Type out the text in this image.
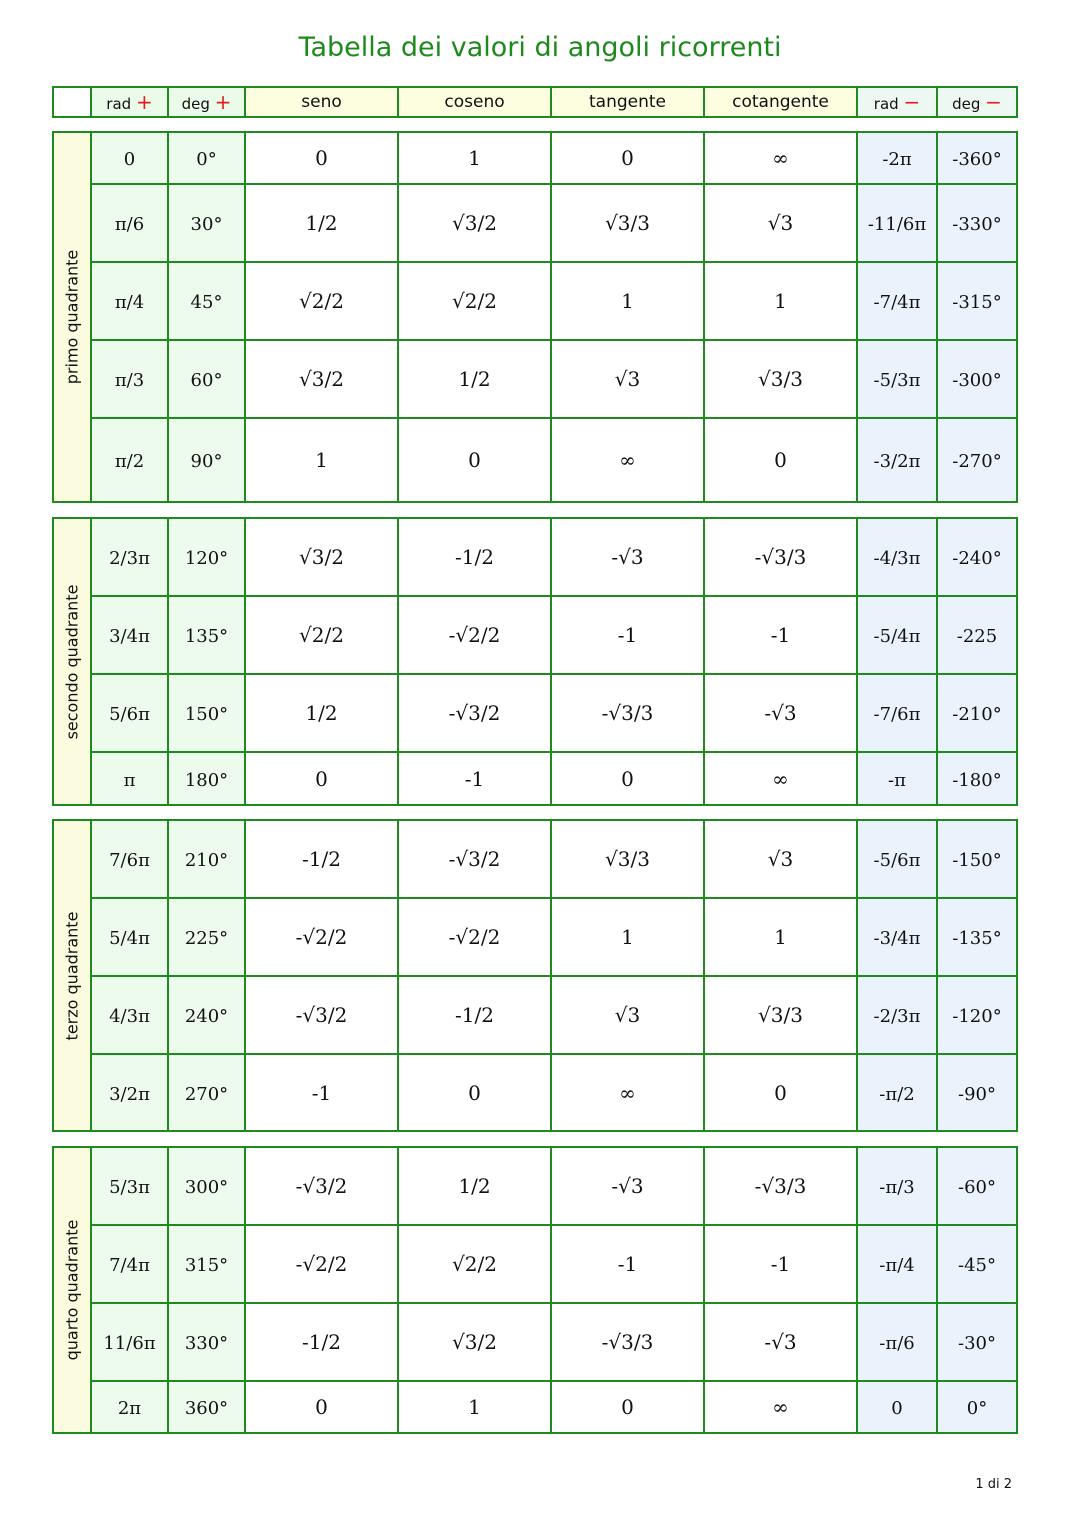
Tabella dei valori di angoli ricorrenti
	rad +	deg +	seno	coseno	tangente	cotangente	rad −	deg −
primo quadrante	0	0°	0	1	0	∞	-2π	-360°
	π/6	30°	1/2	√3/2	√3/3	√3	-11/6π	-330°
	π/4	45°	√2/2	√2/2	1	1	-7/4π	-315°
	π/3	60°	√3/2	1/2	√3	√3/3	-5/3π	-300°
	π/2	90°	1	0	∞	0	-3/2π	-270°
secondo quadrante	2/3π	120°	√3/2	-1/2	-√3	-√3/3	-4/3π	-240°
	3/4π	135°	√2/2	-√2/2	-1	-1	-5/4π	-225
	5/6π	150°	1/2	-√3/2	-√3/3	-√3	-7/6π	-210°
	π	180°	0	-1	0	∞	-π	-180°
terzo quadrante	7/6π	210°	-1/2	-√3/2	√3/3	√3	-5/6π	-150°
	5/4π	225°	-√2/2	-√2/2	1	1	-3/4π	-135°
	4/3π	240°	-√3/2	-1/2	√3	√3/3	-2/3π	-120°
	3/2π	270°	-1	0	∞	0	-π/2	-90°
quarto quadrante	5/3π	300°	-√3/2	1/2	-√3	-√3/3	-π/3	-60°
	7/4π	315°	-√2/2	√2/2	-1	-1	-π/4	-45°
	11/6π	330°	-1/2	√3/2	-√3/3	-√3	-π/6	-30°
	2π	360°	0	1	0	∞	0	0°
1 di 2
